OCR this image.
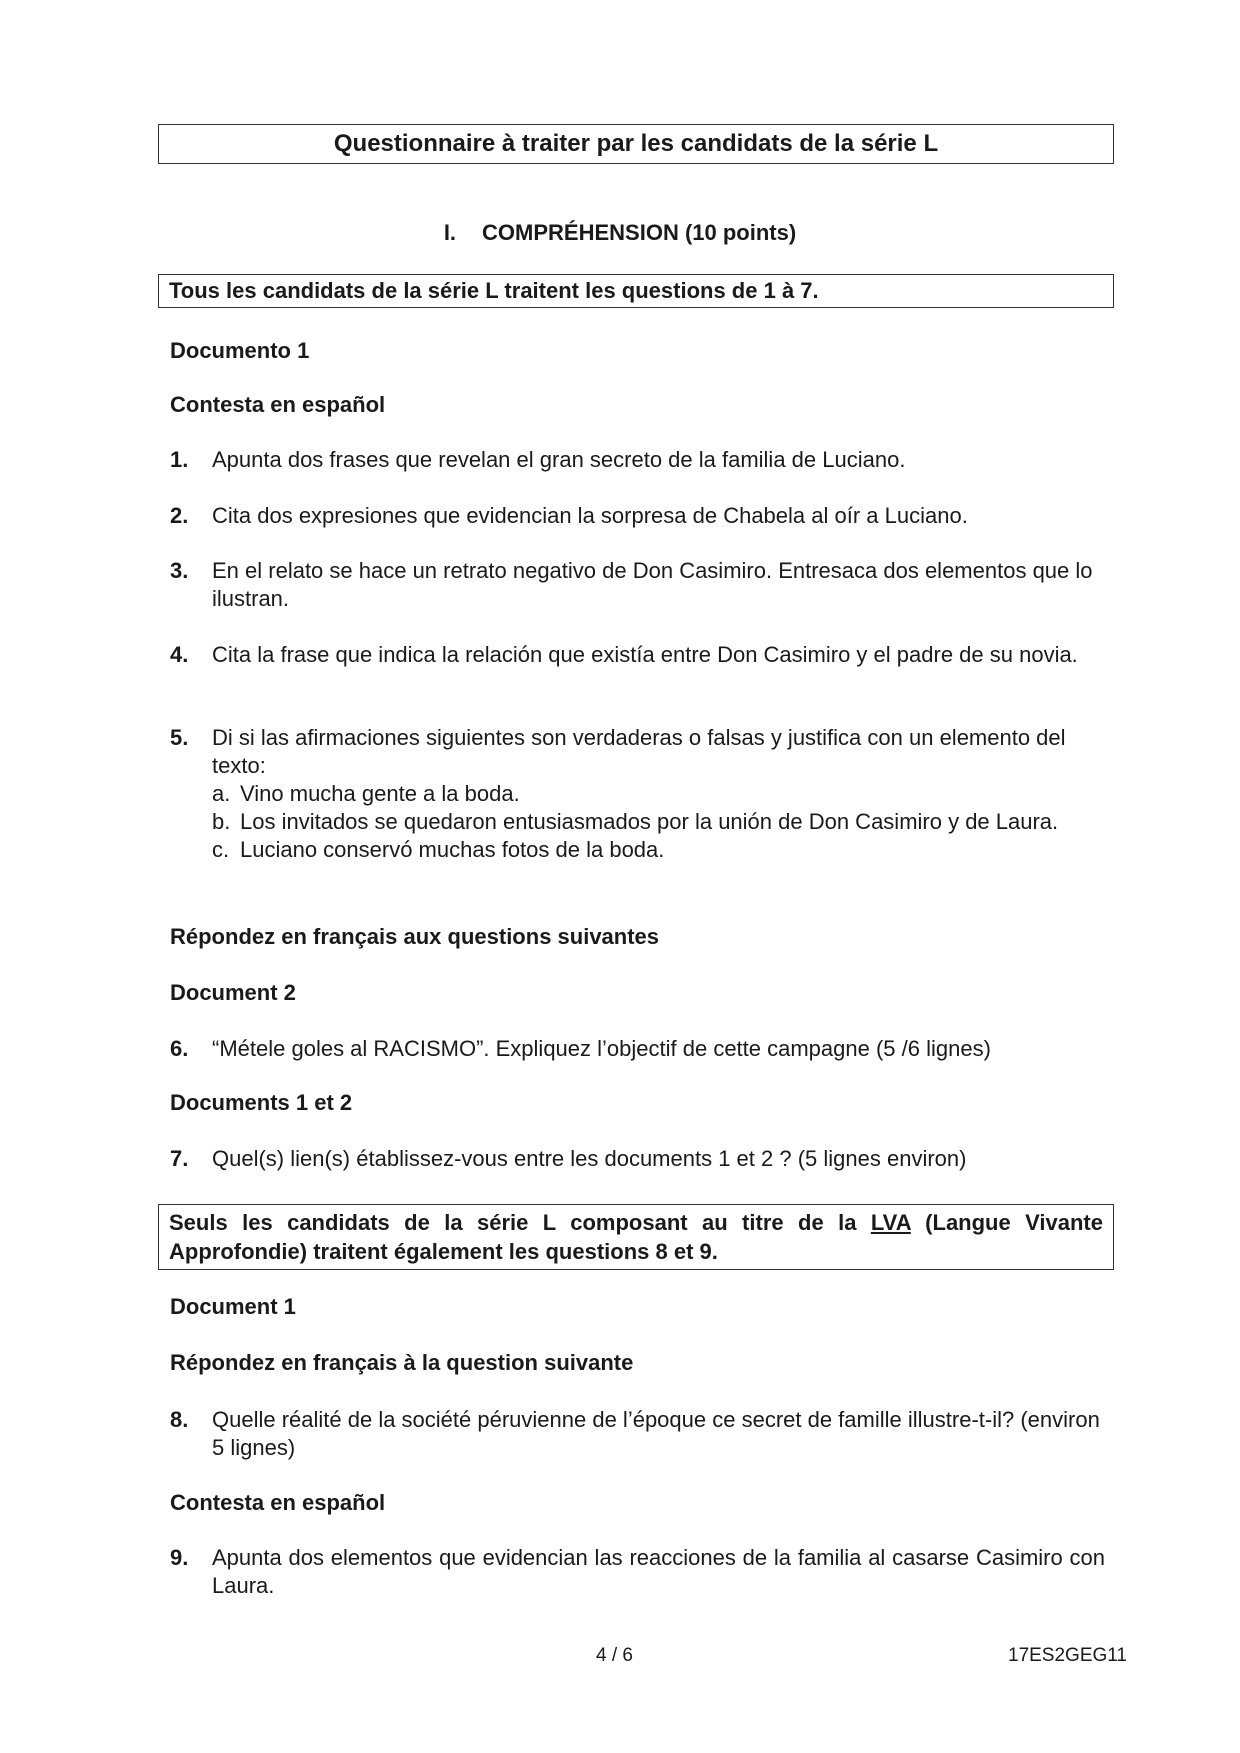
Questionnaire à traiter par les candidats de la série L
I. COMPRÉHENSION (10 points)
Tous les candidats de la série L traitent les questions de 1 à 7.
Documento 1
Contesta en español
1. Apunta dos frases que revelan el gran secreto de la familia de Luciano.
2. Cita dos expresiones que evidencian la sorpresa de Chabela al oír a Luciano.
3. En el relato se hace un retrato negativo de Don Casimiro. Entresaca dos elementos que lo ilustran.
4. Cita la frase que indica la relación que existía entre Don Casimiro y el padre de su novia.
5. Di si las afirmaciones siguientes son verdaderas o falsas y justifica con un elemento del texto:
a. Vino mucha gente a la boda.
b. Los invitados se quedaron entusiasmados por la unión de Don Casimiro y de Laura.
c. Luciano conservó muchas fotos de la boda.
Répondez en français aux questions suivantes
Document 2
6. “Métele goles al RACISMO”. Expliquez l’objectif de cette campagne (5 /6 lignes)
Documents 1 et 2
7. Quel(s) lien(s) établissez-vous entre les documents 1 et 2 ? (5 lignes environ)
Seuls les candidats de la série L composant au titre de la LVA (Langue Vivante Approfondie) traitent également les questions 8 et 9.
Document 1
Répondez en français à la question suivante
8. Quelle réalité de la société péruvienne de l’époque ce secret de famille illustre-t-il? (environ 5 lignes)
Contesta en español
9. Apunta dos elementos que evidencian las reacciones de la familia al casarse Casimiro con Laura.
4 / 6	17ES2GEG11
